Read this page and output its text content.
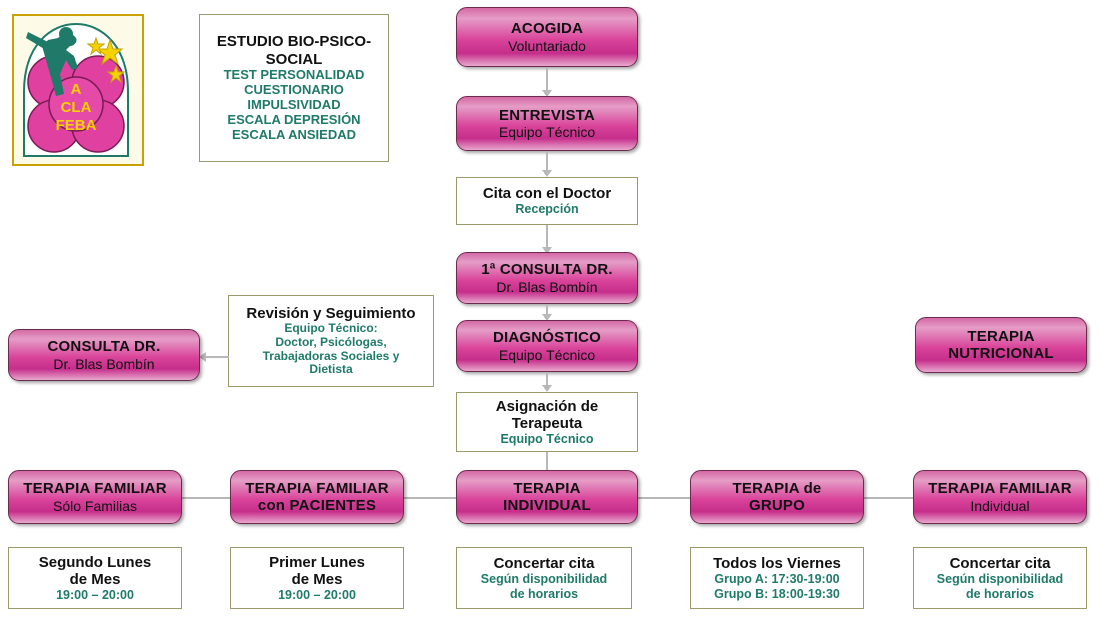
A
CLA
FEBA
ESTUDIO BIO-PSICO-
SOCIAL
TEST PERSONALIDAD
CUESTIONARIO
IMPULSIVIDAD
ESCALA DEPRESIÓN
ESCALA ANSIEDAD
ACOGIDA
Voluntariado
ENTREVISTA
Equipo Técnico
Cita con el Doctor
Recepción
1ª CONSULTA DR.
Dr. Blas Bombín
DIAGNÓSTICO
Equipo Técnico
Asignación de
Terapeuta
Equipo Técnico
Revisión y Seguimiento
Equipo Técnico:
Doctor, Psicólogas,
Trabajadoras Sociales y
Dietista
CONSULTA DR.
Dr. Blas Bombín
TERAPIA
NUTRICIONAL
TERAPIA FAMILIAR
Sólo Familias
TERAPIA FAMILIAR
con PACIENTES
TERAPIA
INDIVIDUAL
TERAPIA de
GRUPO
TERAPIA FAMILIAR
Individual
Segundo Lunes
de Mes
19:00 – 20:00
Primer Lunes
de Mes
19:00 – 20:00
Concertar cita
Según disponibilidad
de horarios
Todos los Viernes
Grupo A: 17:30-19:00
Grupo B: 18:00-19:30
Concertar cita
Según disponibilidad
de horarios
